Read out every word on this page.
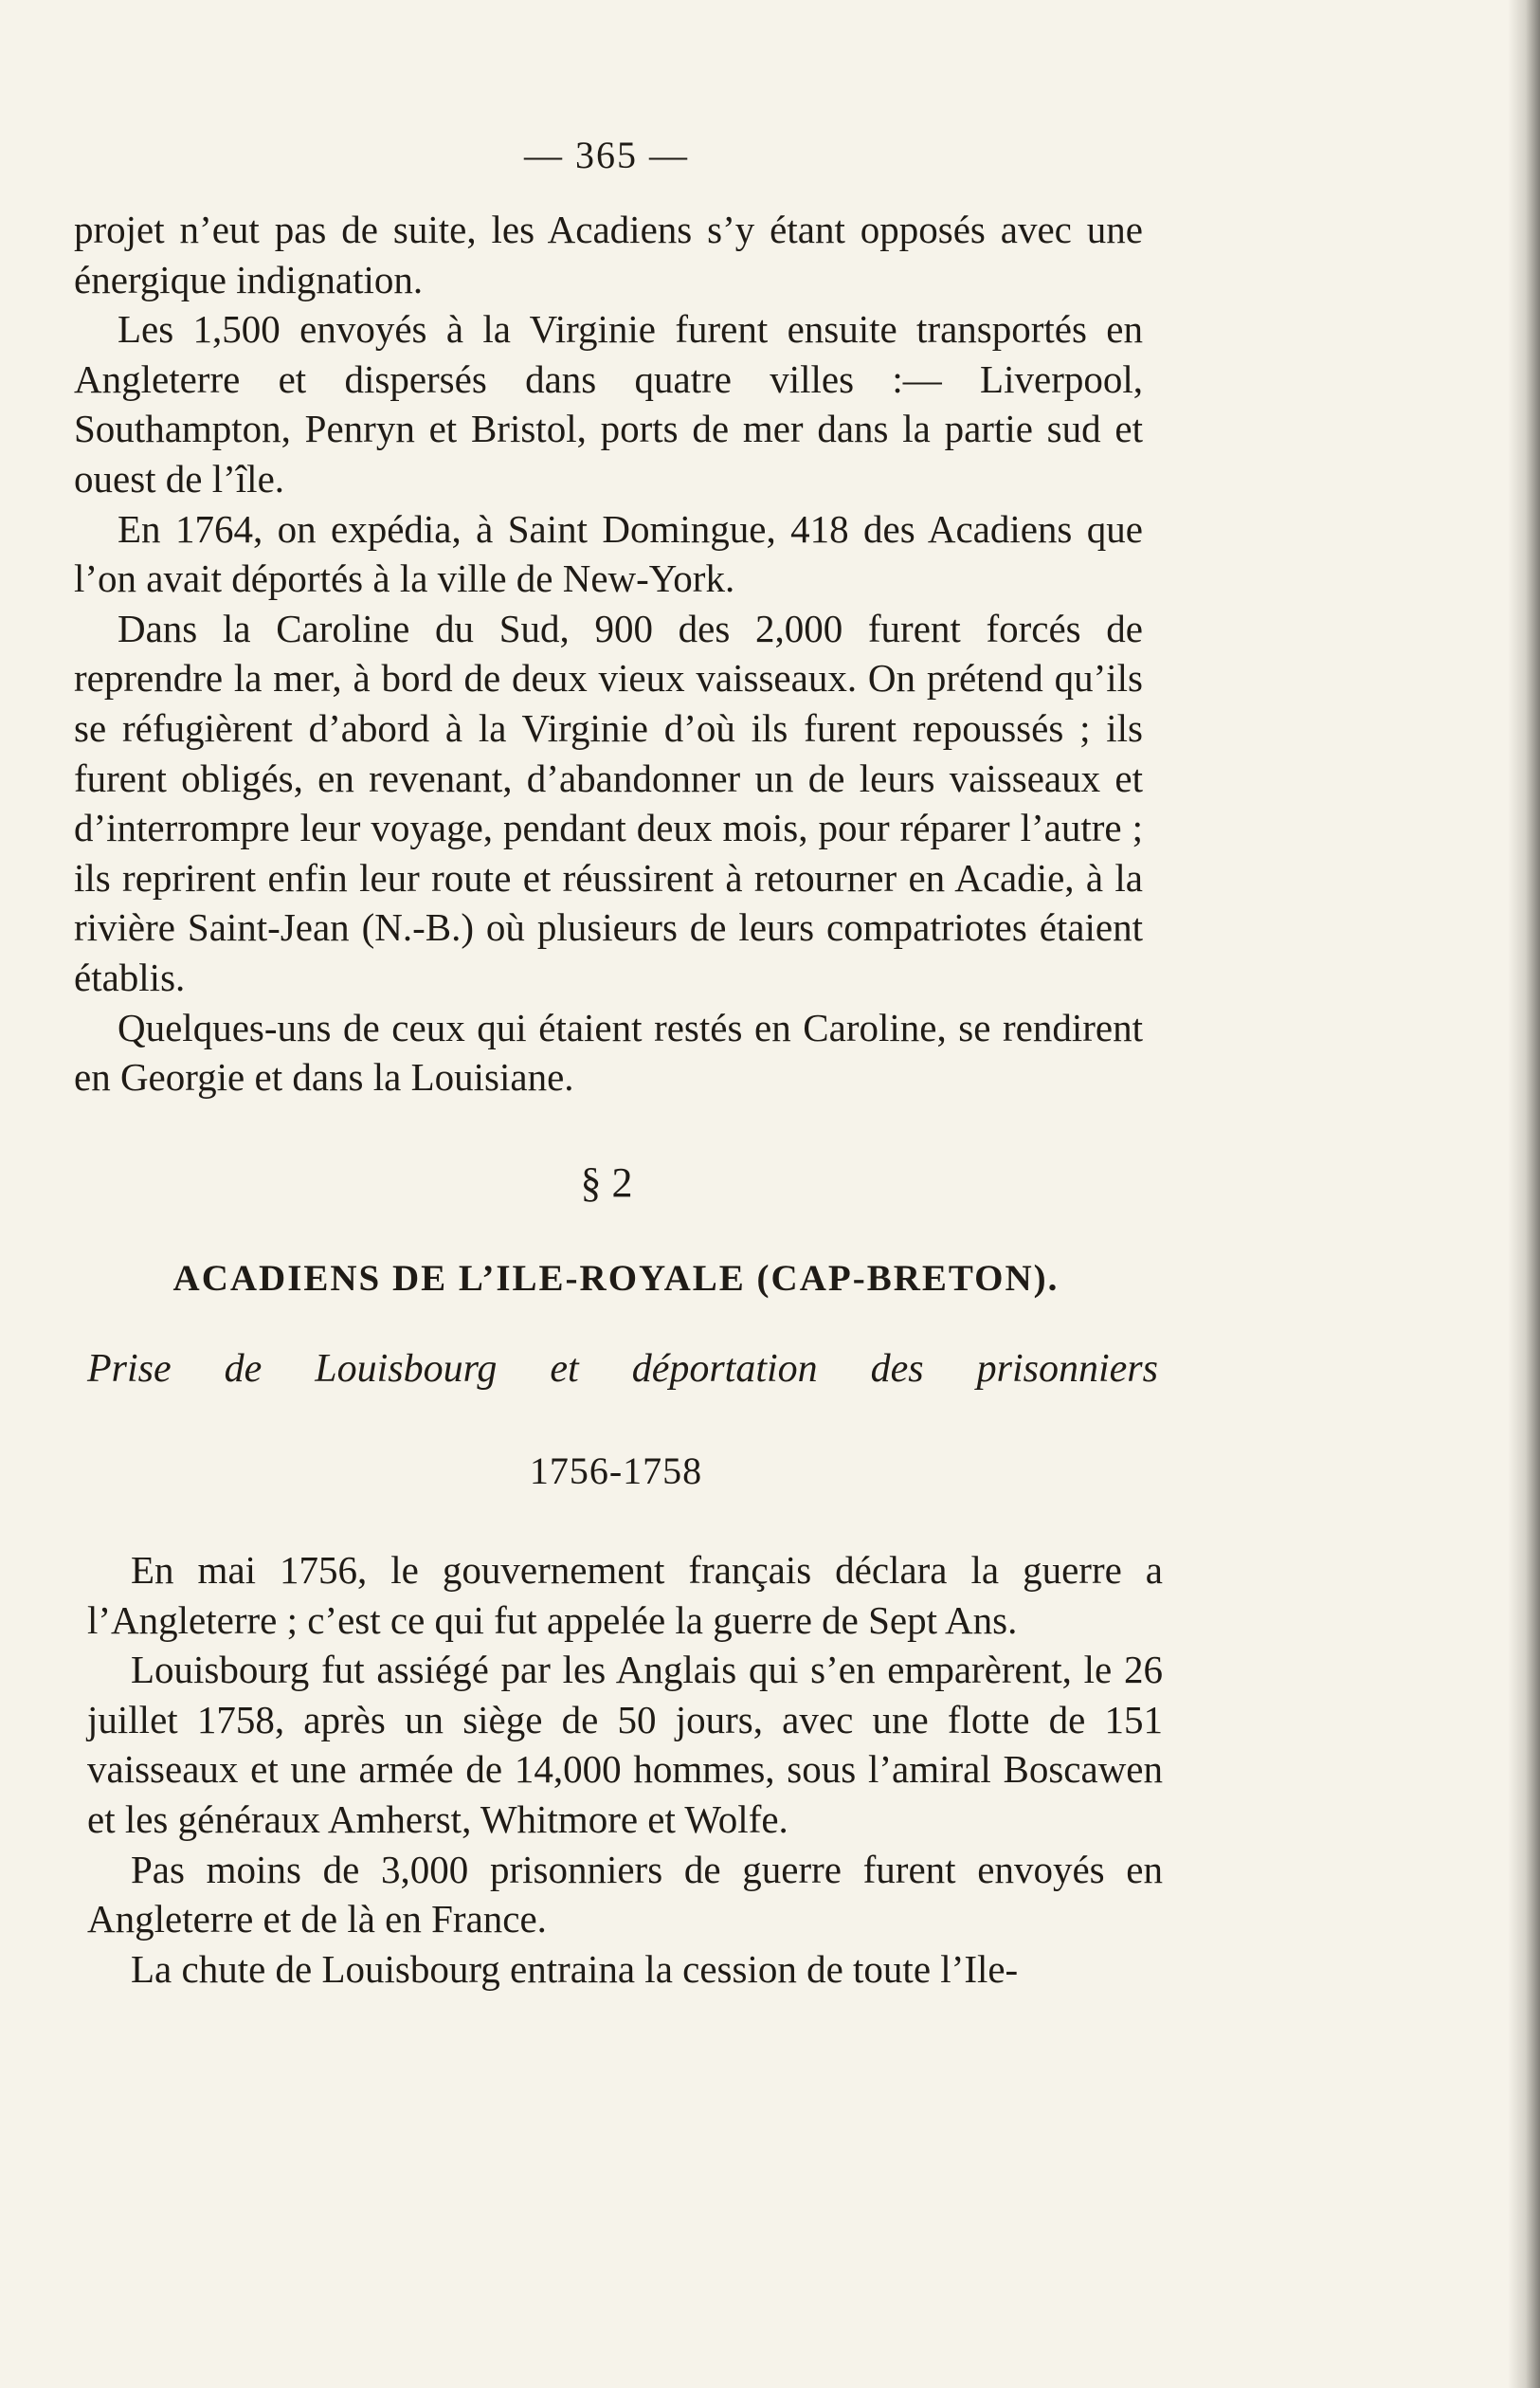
— 365 —

projet n’eut pas de suite, les Acadiens s’y étant opposés avec une énergique indignation.

Les 1,500 envoyés à la Virginie furent ensuite transportés en Angleterre et dispersés dans quatre villes :— Liverpool, Southampton, Penryn et Bristol, ports de mer dans la partie sud et ouest de l’île.

En 1764, on expédia, à Saint Domingue, 418 des Acadiens que l’on avait déportés à la ville de New-York.

Dans la Caroline du Sud, 900 des 2,000 furent forcés de reprendre la mer, à bord de deux vieux vaisseaux. On prétend qu’ils se réfugièrent d’abord à la Virginie d’où ils furent repoussés ; ils furent obligés, en revenant, d’abandonner un de leurs vaisseaux et d’interrompre leur voyage, pendant deux mois, pour réparer l’autre ; ils reprirent enfin leur route et réussirent à retourner en Acadie, à la rivière Saint-Jean (N.-B.) où plusieurs de leurs compatriotes étaient établis.

Quelques-uns de ceux qui étaient restés en Caroline, se rendirent en Georgie et dans la Louisiane.

§ 2
ACADIENS DE L’ILE-ROYALE (CAP-BRETON).
Prise de Louisbourg et déportation des prisonniers
1756-1758

En mai 1756, le gouvernement français déclara la guerre a l’Angleterre ; c’est ce qui fut appelée la guerre de Sept Ans.

Louisbourg fut assiégé par les Anglais qui s’en emparèrent, le 26 juillet 1758, après un siège de 50 jours, avec une flotte de 151 vaisseaux et une armée de 14,000 hommes, sous l’amiral Boscawen et les généraux Amherst, Whitmore et Wolfe.

Pas moins de 3,000 prisonniers de guerre furent envoyés en Angleterre et de là en France.

La chute de Louisbourg entraina la cession de toute l’Ile-
